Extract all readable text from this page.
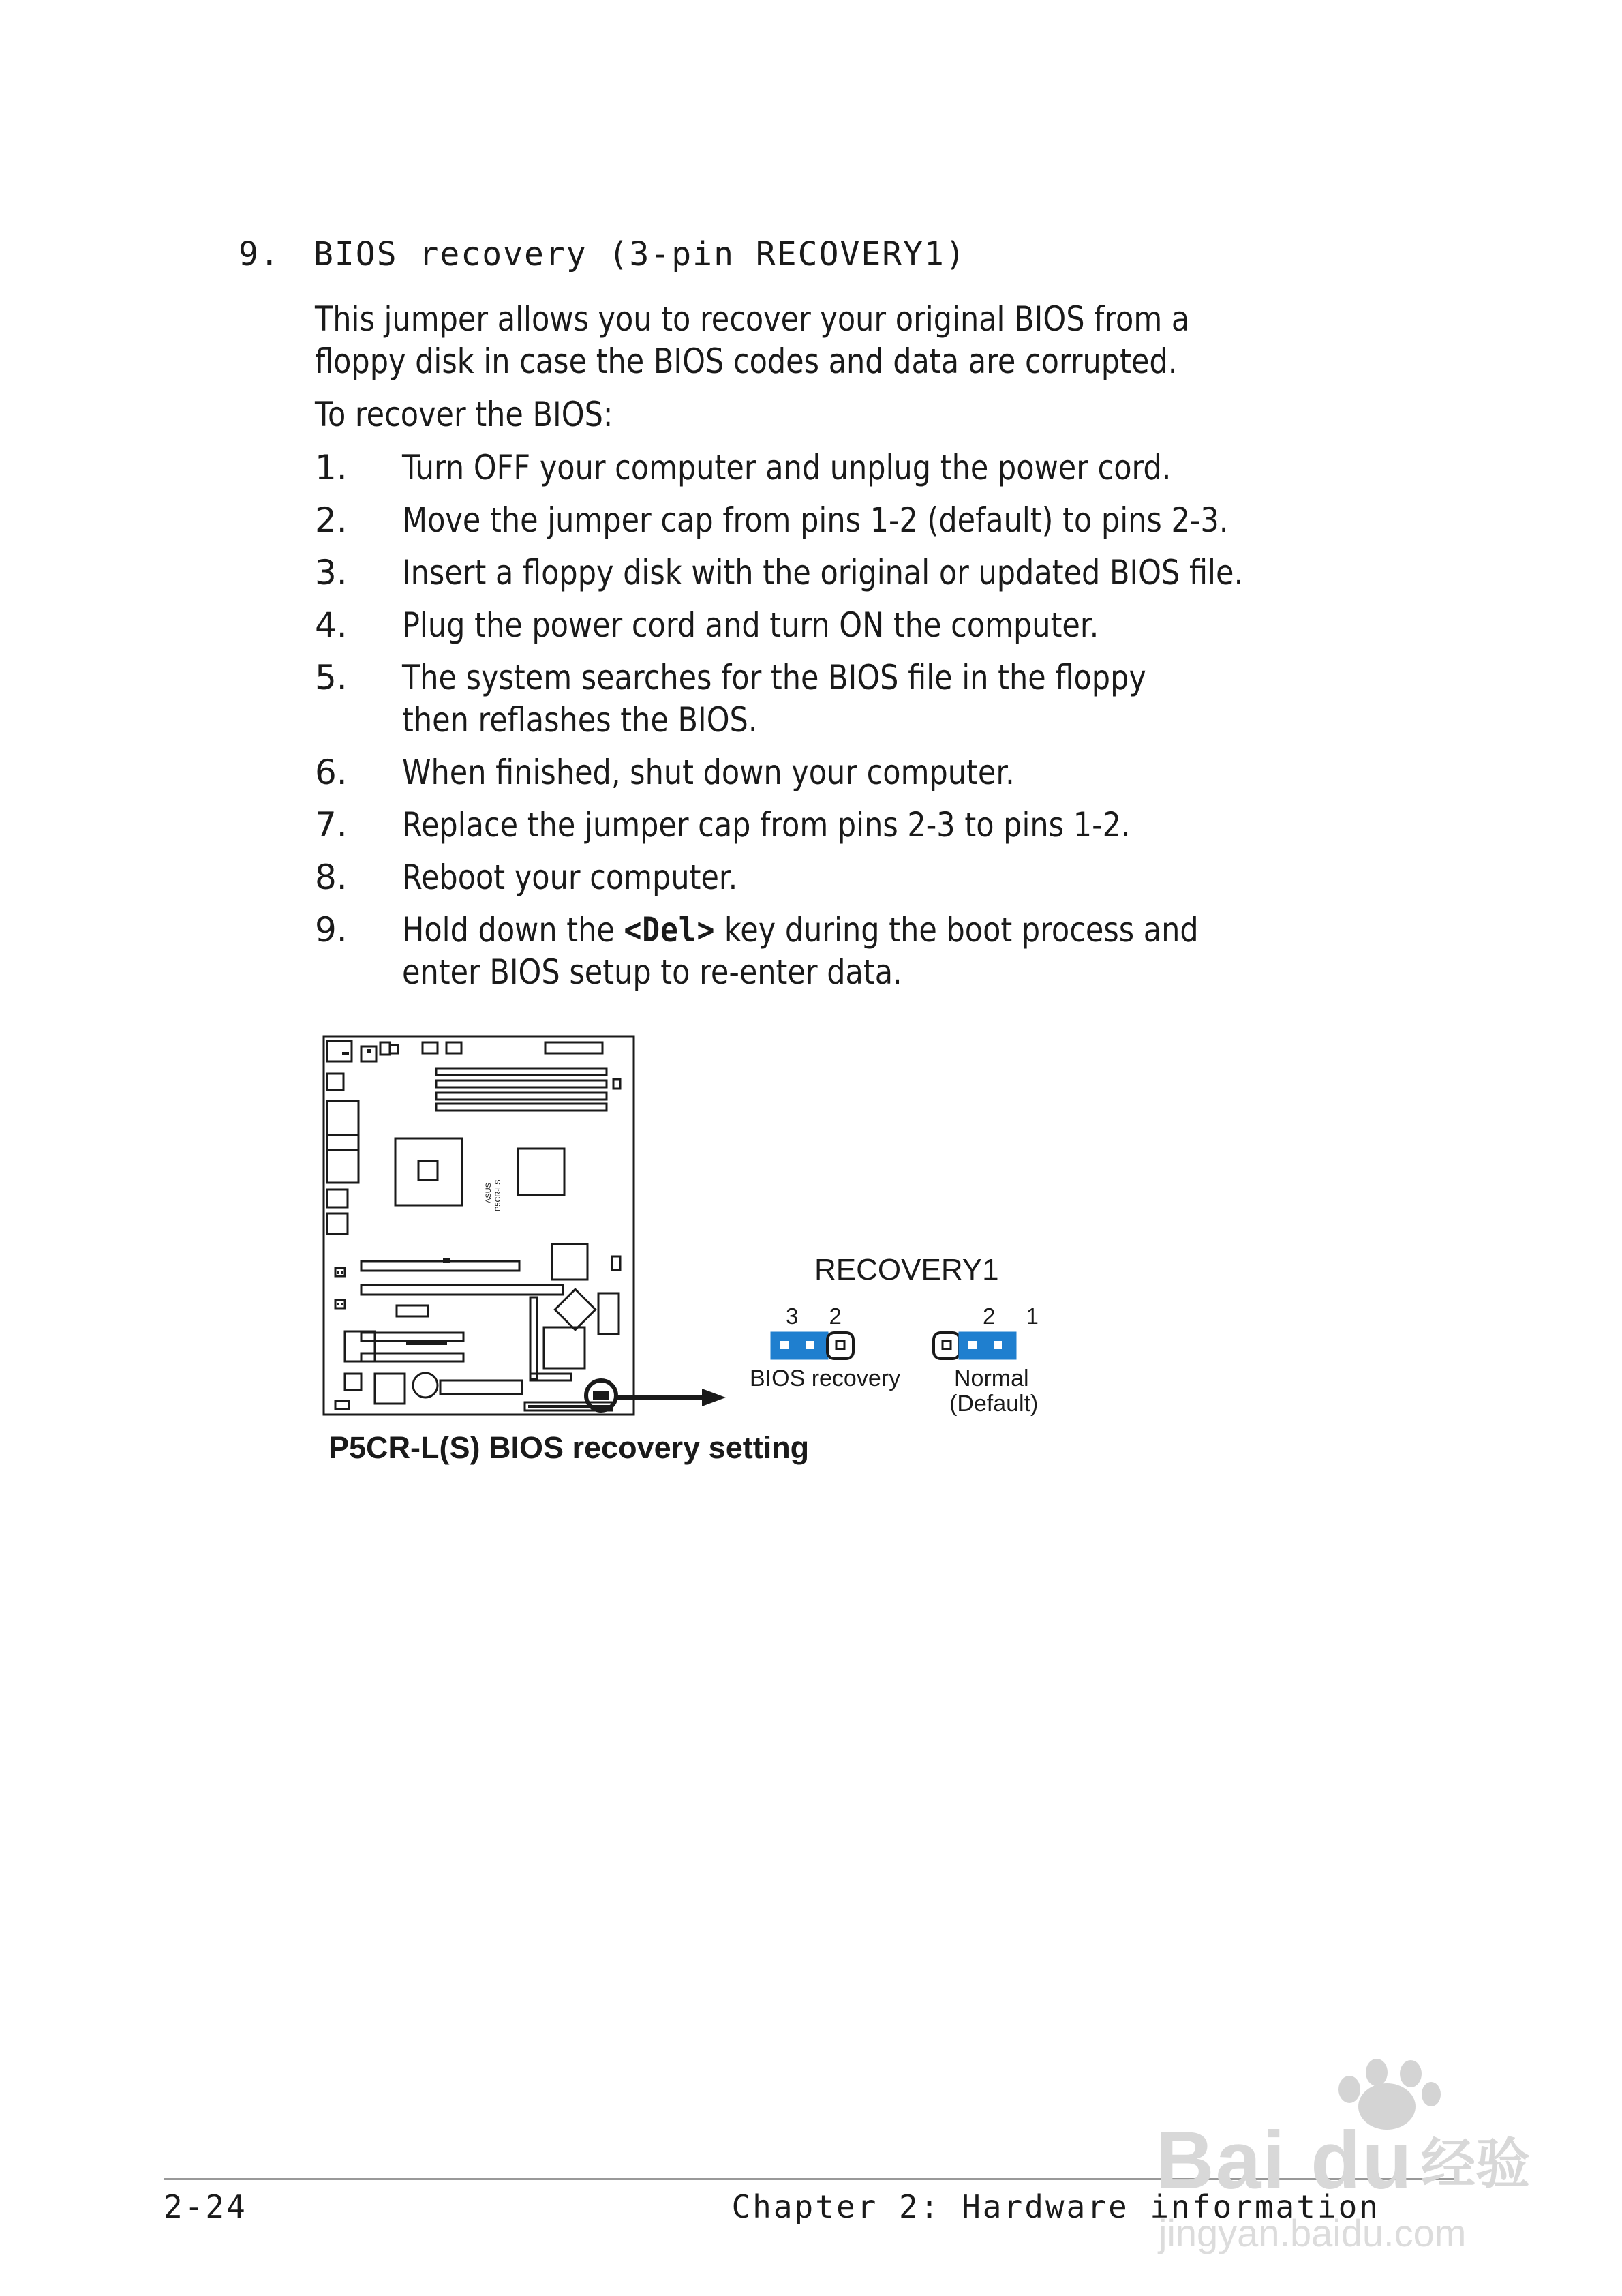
9. BIOS recovery (3-pin RECOVERY1)
This jumper allows you to recover your original BIOS from a floppy disk in case the BIOS codes and data are corrupted.
To recover the BIOS:
1. Turn OFF your computer and unplug the power cord.
2. Move the jumper cap from pins 1-2 (default) to pins 2-3.
3. Insert a floppy disk with the original or updated BIOS file.
4. Plug the power cord and turn ON the computer.
5. The system searches for the BIOS file in the floppy then reflashes the BIOS.
6. When finished, shut down your computer.
7. Replace the jumper cap from pins 2-3 to pins 1-2.
8. Reboot your computer.
9. Hold down the <Del> key during the boot process and enter BIOS setup to re-enter data.
ASUS P5CR-LS
RECOVERY1
3 2	2 1
BIOS recovery Normal
(Default)
P5CR-L(S) BIOS recovery setting
2-24	Chapter 2: Hardware information
Bai du 经验
jingyan.baidu.com
